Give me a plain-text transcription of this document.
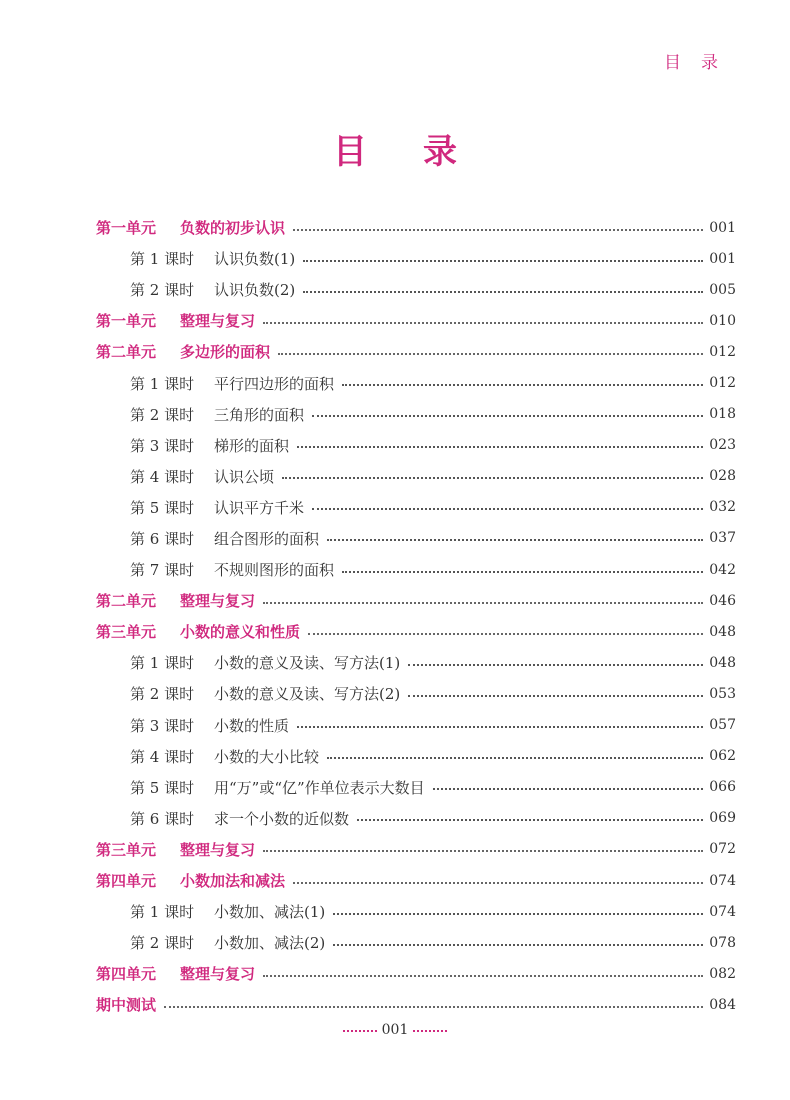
目录
目录
第一单元	负数的初步认识	001
第 1 课时	认识负数(1)	001
第 2 课时	认识负数(2)	005
第一单元	整理与复习	010
第二单元	多边形的面积	012
第 1 课时	平行四边形的面积	012
第 2 课时	三角形的面积	018
第 3 课时	梯形的面积	023
第 4 课时	认识公顷	028
第 5 课时	认识平方千米	032
第 6 课时	组合图形的面积	037
第 7 课时	不规则图形的面积	042
第二单元	整理与复习	046
第三单元	小数的意义和性质	048
第 1 课时	小数的意义及读、写方法(1)	048
第 2 课时	小数的意义及读、写方法(2)	053
第 3 课时	小数的性质	057
第 4 课时	小数的大小比较	062
第 5 课时	用“万”或“亿”作单位表示大数目	066
第 6 课时	求一个小数的近似数	069
第三单元	整理与复习	072
第四单元	小数加法和减法	074
第 1 课时	小数加、减法(1)	074
第 2 课时	小数加、减法(2)	078
第四单元	整理与复习	082
期中测试	084
001
